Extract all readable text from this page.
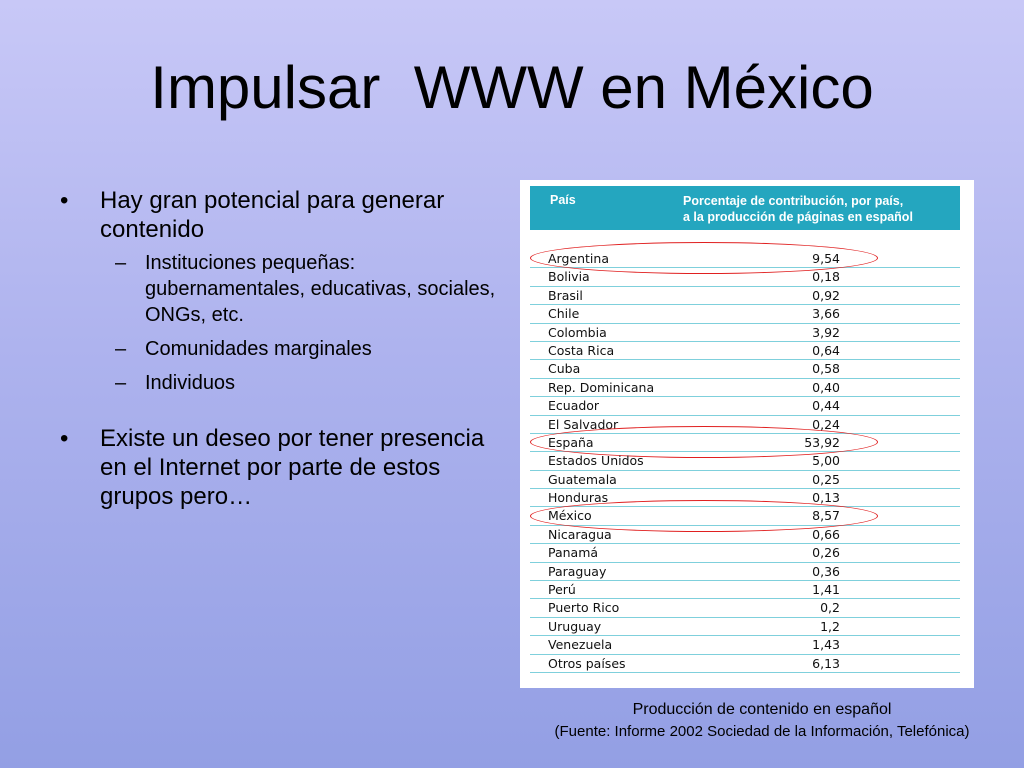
Impulsar  WWW en México
• Hay gran potencial para generar contenido
– Instituciones pequeñas: gubernamentales, educativas, sociales, ONGs, etc.
– Comunidades marginales
– Individuos
• Existe un deseo por tener presencia en el Internet por parte de estos grupos pero…
País	Porcentaje de contribución, por país,
a la producción de páginas en español
Argentina	9,54
Bolivia	0,18
Brasil	0,92
Chile	3,66
Colombia	3,92
Costa Rica	0,64
Cuba	0,58
Rep. Dominicana	0,40
Ecuador	0,44
El Salvador	0,24
España	53,92
Estados Unidos	5,00
Guatemala	0,25
Honduras	0,13
México	8,57
Nicaragua	0,66
Panamá	0,26
Paraguay	0,36
Perú	1,41
Puerto Rico	0,2
Uruguay	1,2
Venezuela	1,43
Otros países	6,13
Producción de contenido en español
(Fuente: Informe 2002 Sociedad de la Información, Telefónica)
